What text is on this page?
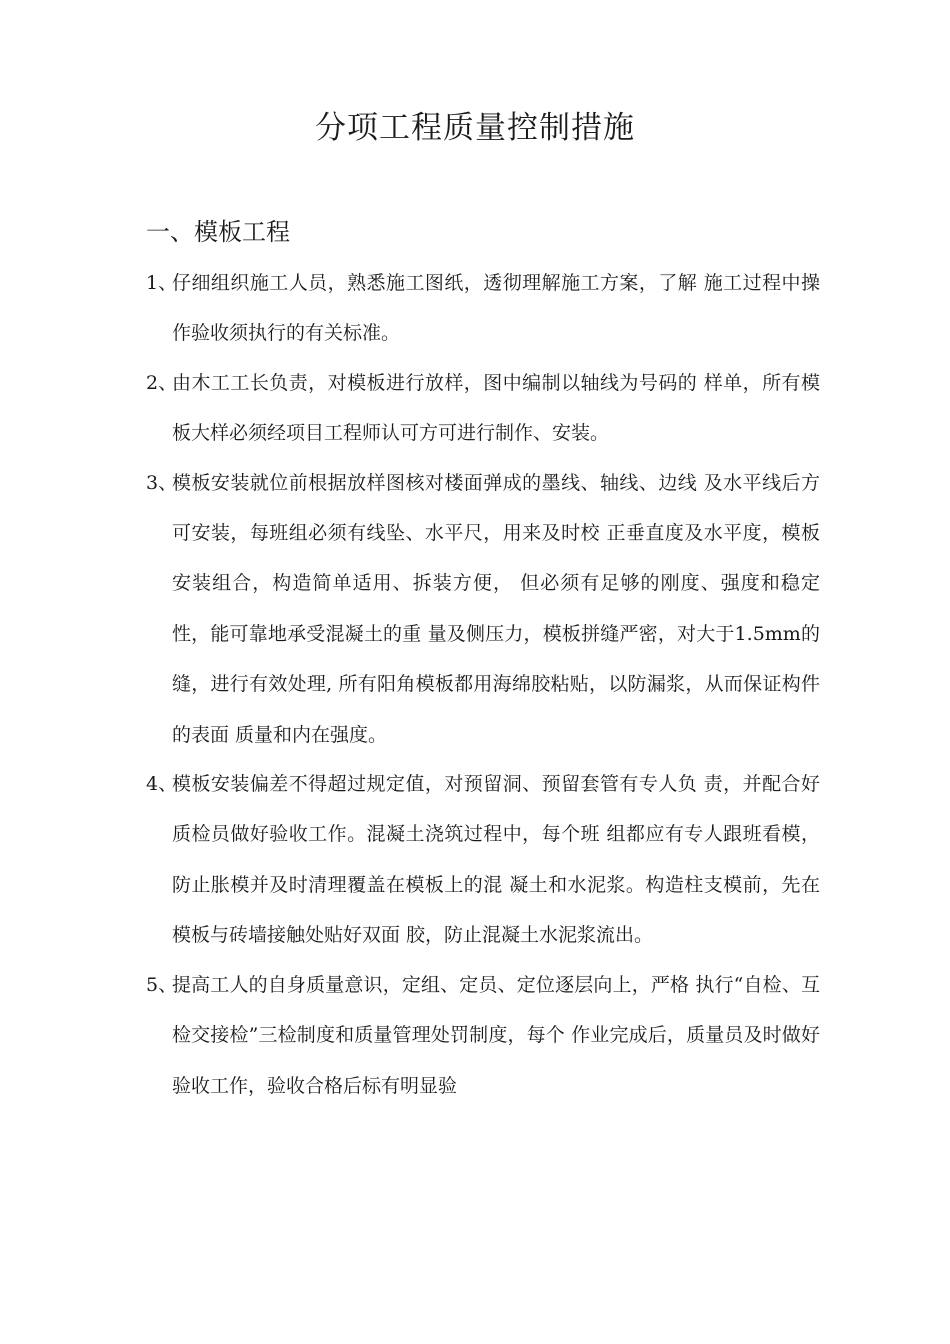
分项工程质量控制措施
一、模板工程

1、
仔细组织施工人员，熟悉施工图纸，透彻理解施工方案，了解 施工过程中操作验收须执行的有关标准。

2、
由木工工长负责，对模板进行放样，图中编制以轴线为号码的 样单，所有模板大样必须经项目工程师认可方可进行制作、安装。

3、
模板安装就位前根据放样图核对楼面弹成的墨线、轴线、边线 及水平线后方可安装，每班组必须有线坠、水平尺，用来及时校 正垂直度及水平度，模板安装组合，构造简单适用、拆装方便， 但必须有足够的刚度、强度和稳定性，能可靠地承受混凝土的重 量及侧压力，模板拼缝严密，对大于1.5mm的缝，进行有效处理, 所有阳角模板都用海绵胶粘贴，以防漏浆，从而保证构件的表面 质量和内在强度。

4、
模板安装偏差不得超过规定值，对预留洞、预留套管有专人负 责，并配合好质检员做好验收工作。混凝土浇筑过程中，每个班 组都应有专人跟班看模，防止胀模并及时清理覆盖在模板上的混 凝土和水泥浆。构造柱支模前，先在模板与砖墙接触处贴好双面 胶，防止混凝土水泥浆流出。

5、
提高工人的自身质量意识，定组、定员、定位逐层向上，严格 执行“自检、互检交接检”三检制度和质量管理处罚制度，每个 作业完成后，质量员及时做好验收工作，验收合格后标有明显验
